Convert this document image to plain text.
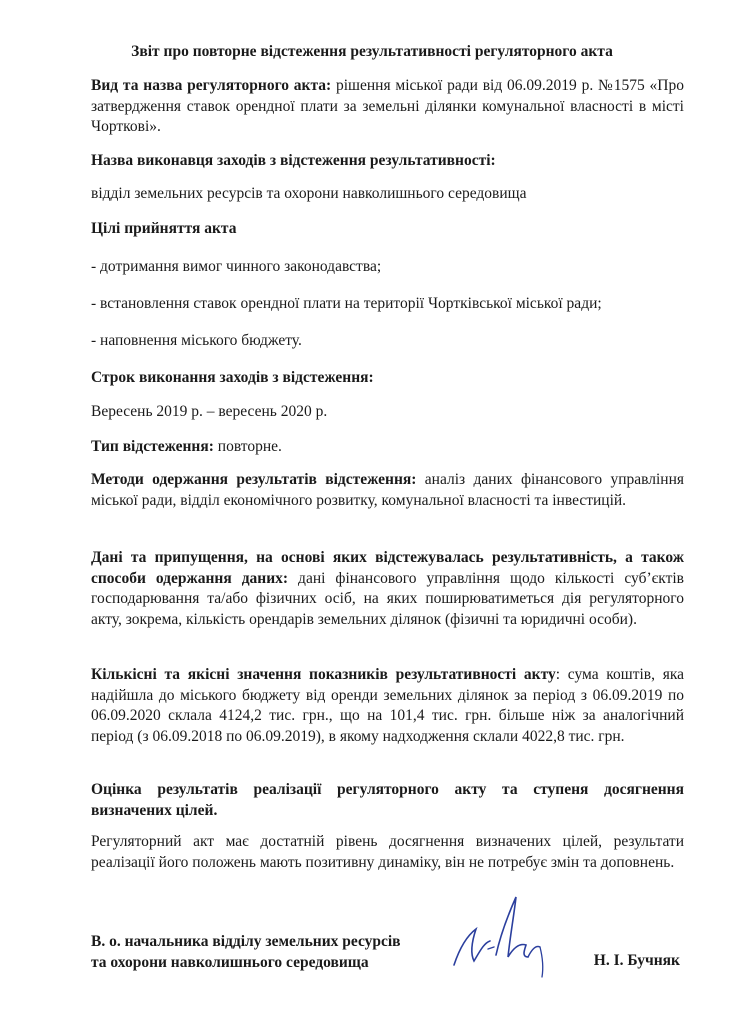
Звіт про повторне відстеження результативності регуляторного акта
Вид та назва регуляторного акта: рішення міської ради від 06.09.2019 р. №1575 «Про затвердження ставок орендної плати за земельні ділянки комунальної власності в місті Чорткові».
Назва виконавця заходів з відстеження результативності:
відділ земельних ресурсів та охорони навколишнього середовища
Цілі прийняття акта
- дотримання вимог чинного законодавства;
- встановлення ставок орендної плати на території Чортківської міської ради;
- наповнення міського бюджету.
Строк виконання заходів з відстеження:
Вересень 2019 р. – вересень 2020 р.
Тип відстеження: повторне.
Методи одержання результатів відстеження: аналіз даних фінансового управління міської ради, відділ економічного розвитку, комунальної власності та інвестицій.
Дані та припущення, на основі яких відстежувалась результативність, а також способи одержання даних: дані фінансового управління щодо кількості суб’єктів господарювання та/або фізичних осіб, на яких поширюватиметься дія регуляторного акту, зокрема, кількість орендарів земельних ділянок (фізичні та юридичні особи).
Кількісні та якісні значення показників результативності акту: сума коштів, яка надійшла до міського бюджету від оренди земельних ділянок за період з 06.09.2019 по 06.09.2020 склала 4124,2 тис. грн., що на 101,4 тис. грн. більше ніж за аналогічний період (з 06.09.2018 по 06.09.2019), в якому надходження склали 4022,8 тис. грн.
Оцінка результатів реалізації регуляторного акту та ступеня досягнення визначених цілей.
Регуляторний акт має достатній рівень досягнення визначених цілей, результати реалізації його положень мають позитивну динаміку, він не потребує змін та доповнень.
В. о. начальника відділу земельних ресурсів
та охорони навколишнього середовища	Н. І. Бучняк
